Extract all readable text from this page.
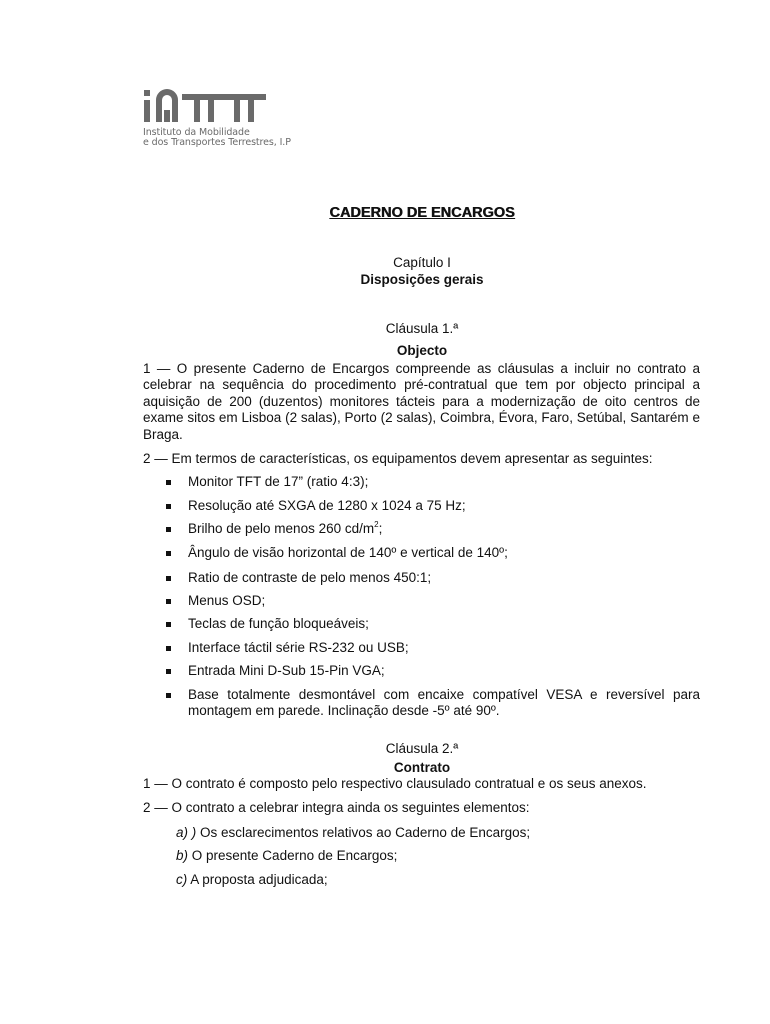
Instituto da Mobilidade
e dos Transportes Terrestres, I.P
CADERNO DE ENCARGOS
Capítulo I
Disposições gerais
Cláusula 1.ª
Objecto
1 — O presente Caderno de Encargos compreende as cláusulas a incluir no contrato a celebrar na sequência do procedimento pré-contratual que tem por objecto principal a aquisição de 200 (duzentos) monitores tácteis para a modernização de oito centros de exame sitos em Lisboa (2 salas), Porto (2 salas), Coimbra, Évora, Faro, Setúbal, Santarém e Braga.
2 — Em termos de características, os equipamentos devem apresentar as seguintes:
Monitor TFT de 17” (ratio 4:3);
Resolução até SXGA de 1280 x 1024 a 75 Hz;
Brilho de pelo menos 260 $cd/m^2$;
Ângulo de visão horizontal de 140º e vertical de 140º;
Ratio de contraste de pelo menos 450:1;
Menus OSD;
Teclas de função bloqueáveis;
Interface táctil série RS-232 ou USB;
Entrada Mini D-Sub 15-Pin VGA;
Base totalmente desmontável com encaixe compatível VESA e reversível para montagem em parede. Inclinação desde -5º até 90º.
Cláusula 2.ª
Contrato
1 — O contrato é composto pelo respectivo clausulado contratual e os seus anexos.
2 — O contrato a celebrar integra ainda os seguintes elementos:
a) ) Os esclarecimentos relativos ao Caderno de Encargos;
b) O presente Caderno de Encargos;
c) A proposta adjudicada;
